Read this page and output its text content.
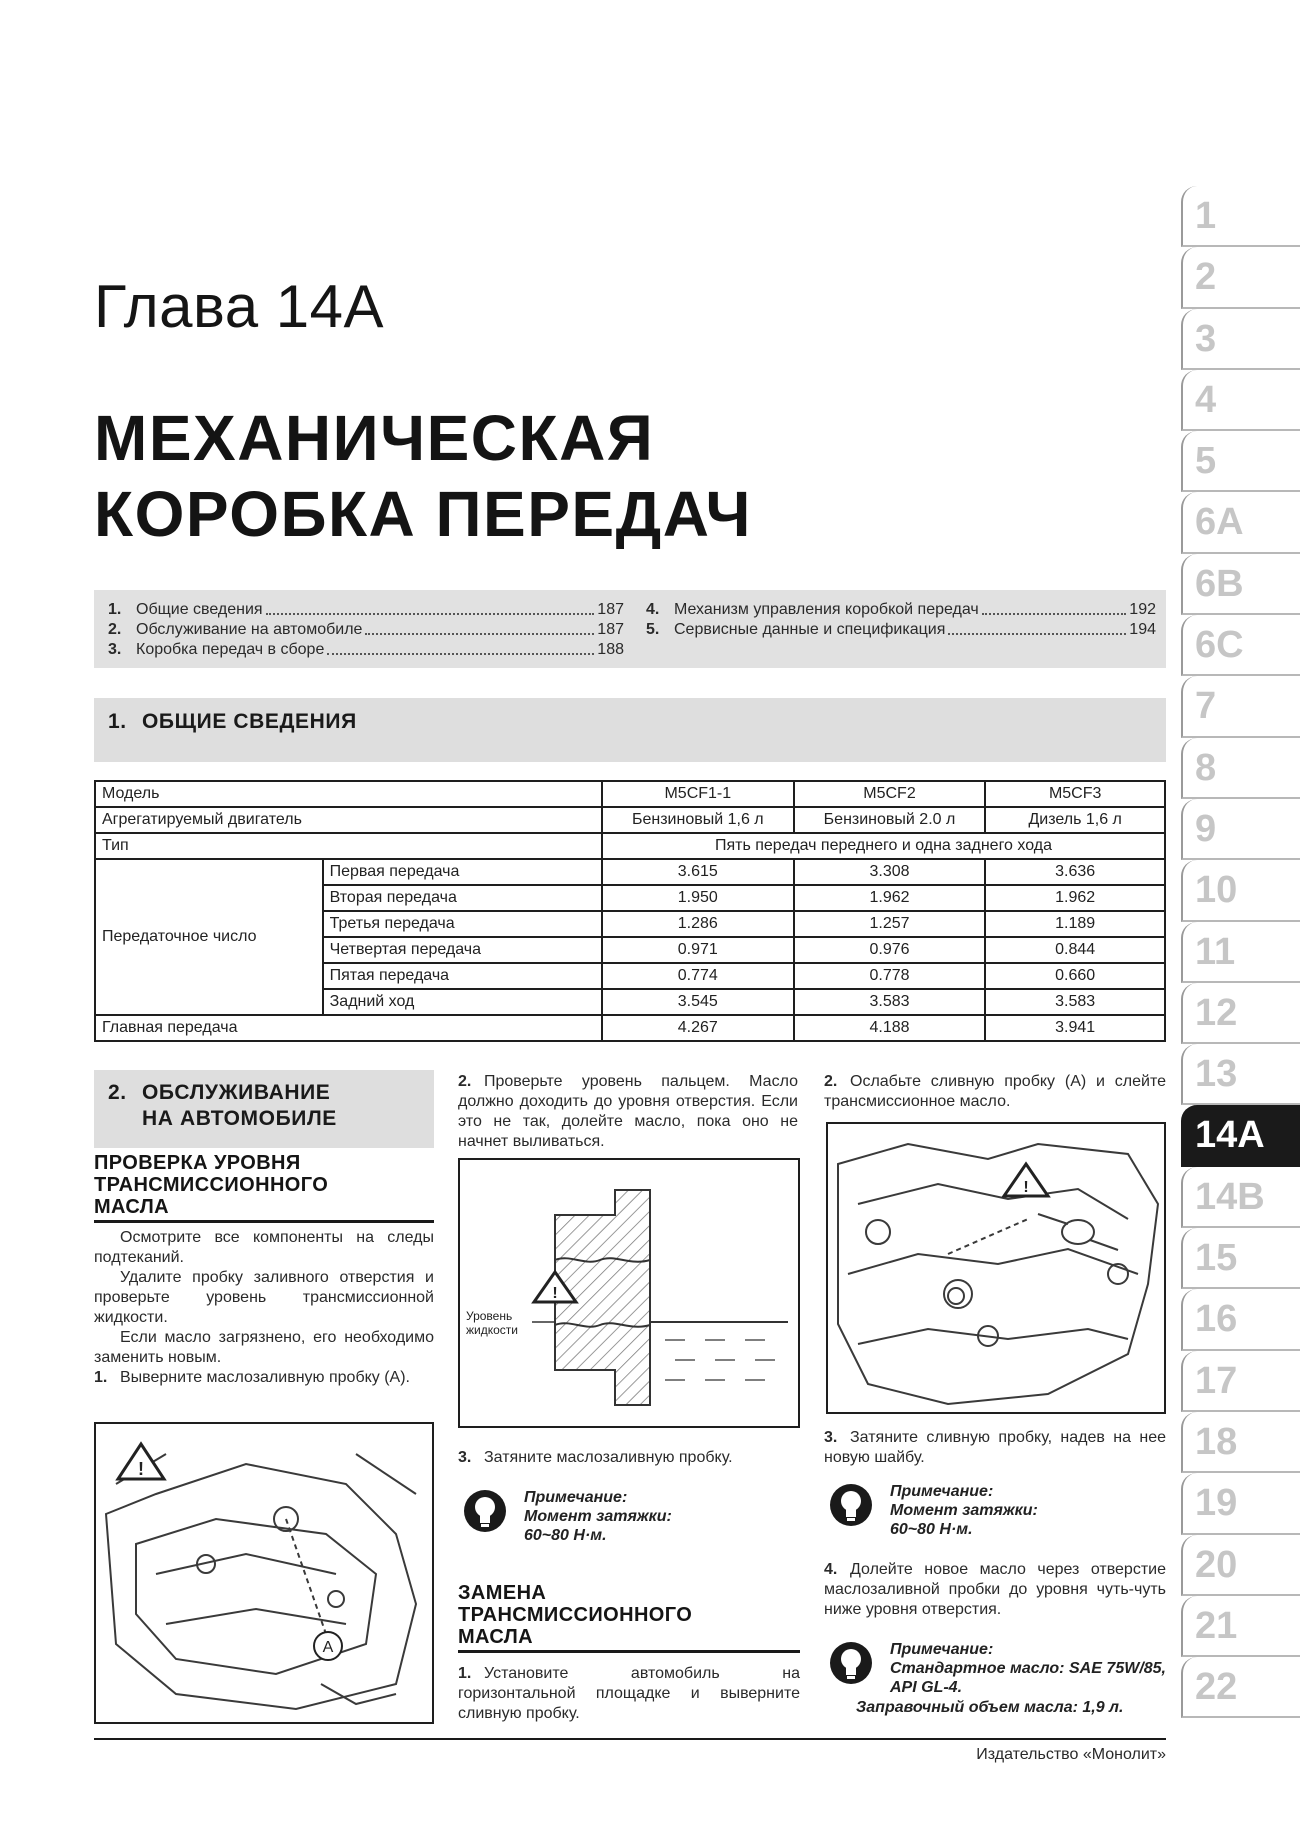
Глава 14А
МЕХАНИЧЕСКАЯ
КОРОБКА ПЕРЕДАЧ
1
2
3
4
5
6A
6B
6C
7
8
9
10
11
12
13
14A
14B
15
16
17
18
19
20
21
22
1. Общие сведения	187
2. Обслуживание на автомобиле	187
3. Коробка передач в сборе	188
4. Механизм управления коробкой передач	192
5. Сервисные данные и спецификация	194
1. ОБЩИЕ СВЕДЕНИЯ
Модель		M5CF1-1	M5CF2	M5CF3
Агрегатируемый двигатель		Бензиновый 1,6 л	Бензиновый 2.0 л	Дизель 1,6 л
Тип		Пять передач переднего и одна заднего хода		
Передаточное число	Первая передача	3.615	3.308	3.636
	Вторая передача	1.950	1.962	1.962
	Третья передача	1.286	1.257	1.189
	Четвертая передача	0.971	0.976	0.844
	Пятая передача	0.774	0.778	0.660
	Задний ход	3.545	3.583	3.583
Главная передача		4.267	4.188	3.941
2. ОБСЛУЖИВАНИЕ
НА АВТОМОБИЛЕ
ПРОВЕРКА УРОВНЯ
ТРАНСМИССИОННОГО
МАСЛА

Осмотрите все компоненты на следы подтеканий.

Удалите пробку заливного отверстия и проверьте уровень трансмиссионной жидкости.

Если масло загрязнено, его необходимо заменить новым.

1. Выверните маслозаливную пробку (A).
!
A
2. Проверьте уровень пальцем. Масло должно доходить до уровня отверстия. Если это не так, долейте масло, пока оно не начнет выливаться.
!
Уровень
жидкости
3. Затяните маслозаливную пробку.
Примечание:
Момент затяжки:
60~80 Н·м.
ЗАМЕНА
ТРАНСМИССИОННОГО
МАСЛА
1. Установите автомобиль на горизонтальной площадке и выверните сливную пробку.
2. Ослабьте сливную пробку (A) и слейте трансмиссионное масло.
!
3. Затяните сливную пробку, надев на нее новую шайбу.
Примечание:
Момент затяжки:
60~80 Н·м.
4. Долейте новое масло через отверстие маслозаливной пробки до уровня чуть-чуть ниже уровня отверстия.
Примечание:
Стандартное масло: SAE 75W/85, API GL-4.
Заправочный объем масла: 1,9 л.
Издательство «Монолит»
